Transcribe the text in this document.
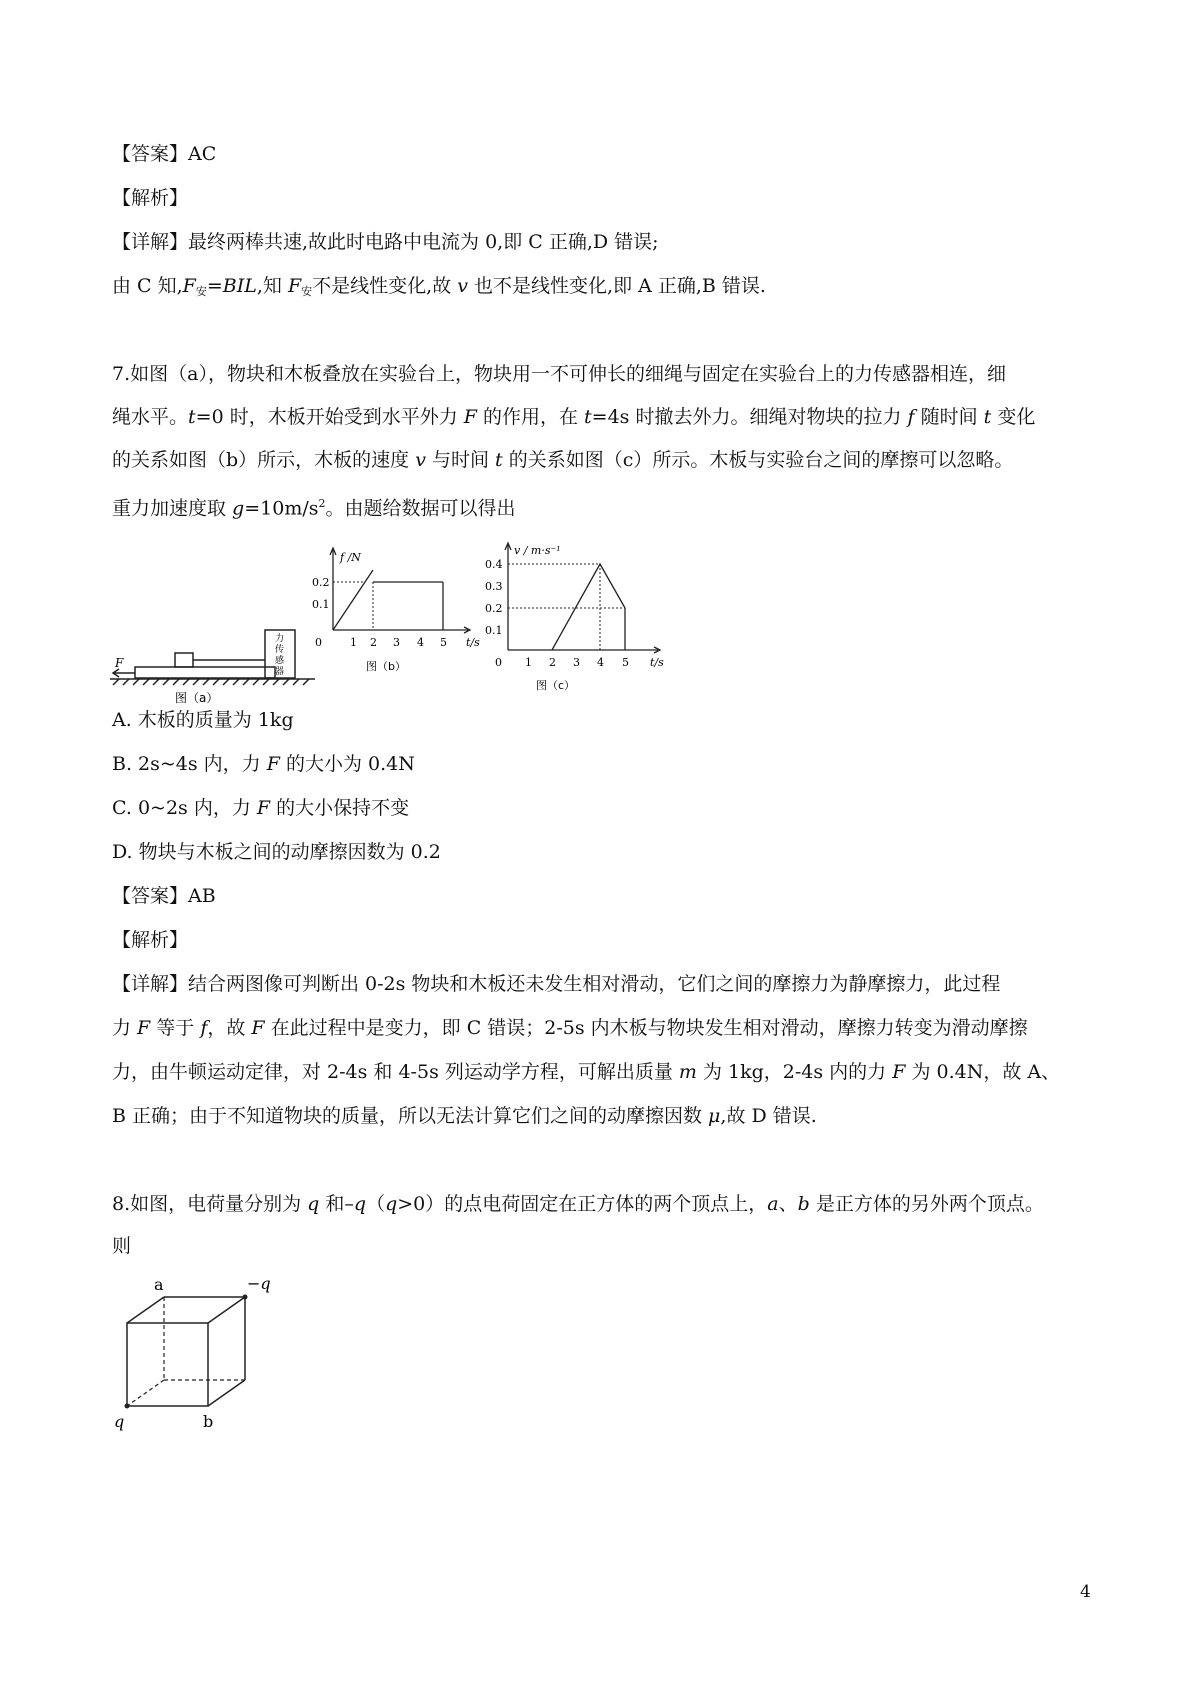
【答案】AC
【解析】
【详解】最终两棒共速,故此时电路中电流为 0,即 C 正确,D 错误;
由 C 知$,F_安=BIL$,知 $F_安$不是线性变化,故 v 也不是线性变化,即 A 正确,B 错误.
7.如图（a），物块和木板叠放在实验台上，物块用一不可伸长的细绳与固定在实验台上的力传感器相连，细
绳水平。t=0 时，木板开始受到水平外力 F 的作用，在 t=4s 时撤去外力。细绳对物块的拉力 f 随时间 t 变化
的关系如图（b）所示，木板的速度 v 与时间 t 的关系如图（c）所示。木板与实验台之间的摩擦可以忽略。
重力加速度取 $g=10m/s^2$。由题给数据可以得出
F
力
传
感
器
图（a）
f /N
0.2
0.1
0	1 2 3 4 5 t/s
图（b）
v / m·s⁻¹
0.4
0.3
0.2
0.1
0 1 2 3 4 5 t/s
图（c）
A. 木板的质量为 1kg
B. 2s~4s 内，力 F 的大小为 0.4N
C. 0~2s 内，力 F 的大小保持不变
D. 物块与木板之间的动摩擦因数为 0.2
【答案】AB
【解析】
【详解】结合两图像可判断出 0-2s 物块和木板还未发生相对滑动，它们之间的摩擦力为静摩擦力，此过程
力 F 等于 f，故 F 在此过程中是变力，即 C 错误；2-5s 内木板与物块发生相对滑动，摩擦力转变为滑动摩擦
力，由牛顿运动定律，对 2-4s 和 4-5s 列运动学方程，可解出质量 m 为 1kg，2-4s 内的力 F 为 0.4N，故 A、
B 正确；由于不知道物块的质量，所以无法计算它们之间的动摩擦因数 μ,故 D 错误.
8.如图，电荷量分别为 q 和–q（q>0）的点电荷固定在正方体的两个顶点上，a、b 是正方体的另外两个顶点。
则
a	−q
q	b
4
